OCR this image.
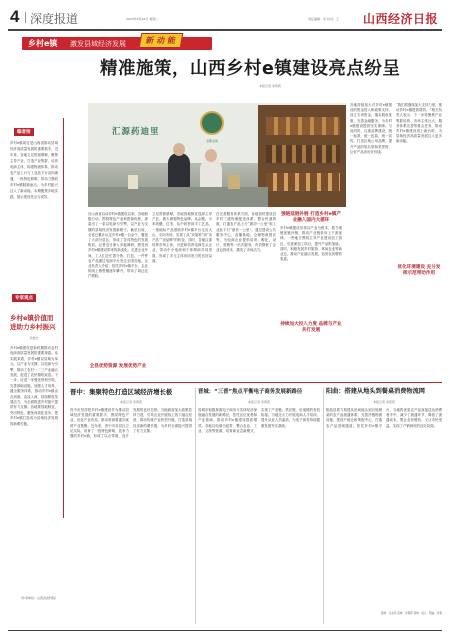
4 深度报道	2023年3月16日 星期二	责任编辑：李 校对：王 山西经济日报
乡村e镇 激发县域经济发展	新 动 能
精准施策，山西乡村e镇建设亮点纷呈
本报记者 李莉莉
编者按
乡村e镇项目是山西省推动县域经济高质量发展的重要抓手。近年来，各地立足资源禀赋，聚焦主导产业，打造产业集群，培育电商主体，构建物流体系，推动农产品上行与工业品下行双向流通，一批特色鲜明、带动力强的乡村e镇脱颖而出，为乡村振兴注入了新动能。本期聚焦多地实践，展示建设亮点与成效。
专家观点
乡村e镇价值而进助力乡村振兴
李振杰
乡村e镇建设是新时期推动农村电商高质量发展的重要探索。从实践来看，乡村e镇以县域为单元，以产业为支撑，以电商为引擎，推动了农村一二三产业融合发展，促进了农民增收致富。下一步，应进一步强化规划引领，完善基础设施，加强人才培养，健全服务体系，推动乡村e镇由点到面、由浅入深，持续释放发展活力，为全面推进乡村振兴提供有力支撑。各地要因地制宜，突出特色，避免同质化竞争，把乡村e镇打造成为县域经济发展的新增长极。
（作者单位：山西省农科院）
汇源药迪里
尧都农建
自山西省启动乡村e镇建设以来，各地积极行动，围绕特色产业和资源优势，探索出了一条以电商为引擎、以产业为支撑的县域经济发展新路子。截至目前，全省已累计认定乡村e镇一百余个，覆盖了大部分县区，形成了各具特色的发展格局。记者近日深入多地调研，感受到乡村e镇建设带来的新变化。走进企业车间，工人们正忙着分拣、打包，一件件农产品通过电商平台发往全国各地。企业负责人介绍，依托乡村e镇平台，企业的线上销售额逐年攀升，带动了周边农户增收。
全县优势资源 发展优势产业
立足资源禀赋，各地因地制宜选择主导产业，做大做强特色品牌。从杂粮、小米到醋、红枣，从中药材到手工艺品，一批地标产品借助乡村e镇平台走出大山、走向市场，实现了从“卖原料”到“卖产品”“卖品牌”的转变。同时，各地注重培育市场主体，引进和培育电商龙头企业，带动中小电商和个体网商共同发展，形成了多元主体协同发力的良好局面。
在完善服务体系方面，各地加快建设县乡村三级物流配送体系，整合快递资源，打通农产品上行“最初一公里”和工业品下行“最后一公里”。通过建设公共服务中心、直播基地、仓储物流园区等，为电商企业提供培训、孵化、设计、营销等一站式服务，有效降低了企业运营成本，激发了市场活力。
强链延链补链 打造乡村e镇产业融入国内大循环
乡村e镇建设坚持以产业为根本，着力强链延链补链，推动产业链条向上下游延伸。一些地方围绕主导产业建设加工园区，引进深加工项目，提升产品附加值。同时，积极发展乡村旅游、休闲农业等新业态，推动产业融合发展，拓宽农民增收渠道。
持续加大投入力度 品牌与产业共打发展
各地持续加大对乡村e镇建设的资金投入和政策支持，设立专项资金，落实税收优惠，完善金融服务，为乡村e镇建设提供坚实保障。与此同时，注重品牌建设，统一标准，统一包装，统一宣传，打造区域公用品牌，提升产品的知名度和美誉度，让好产品卖出好价钱。
“我们将继续加大支持力度，推动乡村e镇提质增效，”相关负责人表示，下一步将聚焦产业集群培育、市场主体壮大、服务体系完善等重点任务，推动乡村e镇建设再上新台阶，为县域经济高质量发展注入更多新动能。
优化环境建设 充分发挥示范带动作用
晋中：集聚特色打造区域经济增长极
本报记者 李莉莉
晋中市坚持把乡村e镇建设作为推动县域经济发展的重要抓手，围绕特色产业，优化产业布局，推动资源要素向优势产业集聚。近年来，晋中市各县区立足实际，培育了一批特色鲜明、竞争力强的乡村e镇，形成了以点带面、连片发展的良好态势。当地政府加大政策扶持力度，引导企业开展线上线下融合经营，推动传统产业转型升级，打造县域经济新的增长极，为乡村全面振兴提供了有力支撑。
晋城：“三晋”焦点平衡电子商务发展新路径
本报记者 李莉莉
晋城市积极探索电子商务与实体经济深度融合发展的新路径，依托区位优势和产业基础，推动乡村e镇建设提质增效。各地以电商为纽带，整合农业、工业、文旅等资源，培育新业态新模式，实现了产业链、供应链、价值链的有机衔接。当地还大力开展电商人才培训，提升从业人员素质，为电子商务持续健康发展夯实基础。
阳曲：搭建从地头到餐桌消费物流网
本报记者 李莉莉
阳曲县着力构建从田间地头到百姓餐桌的农产品流通体系，完善冷链物流设施，建设产地仓和集配中心，打通农产品进城通道。依托乡村e镇平台，当地将优质农产品直接送达消费者手中，减少了流通环节，降低了流通成本，既让农民增收，又让市民受益，实现了产销两旺的良好局面。
晋城：马永亮 晋城：李莉莉 晋城：武立 · 阳曲：李莉
